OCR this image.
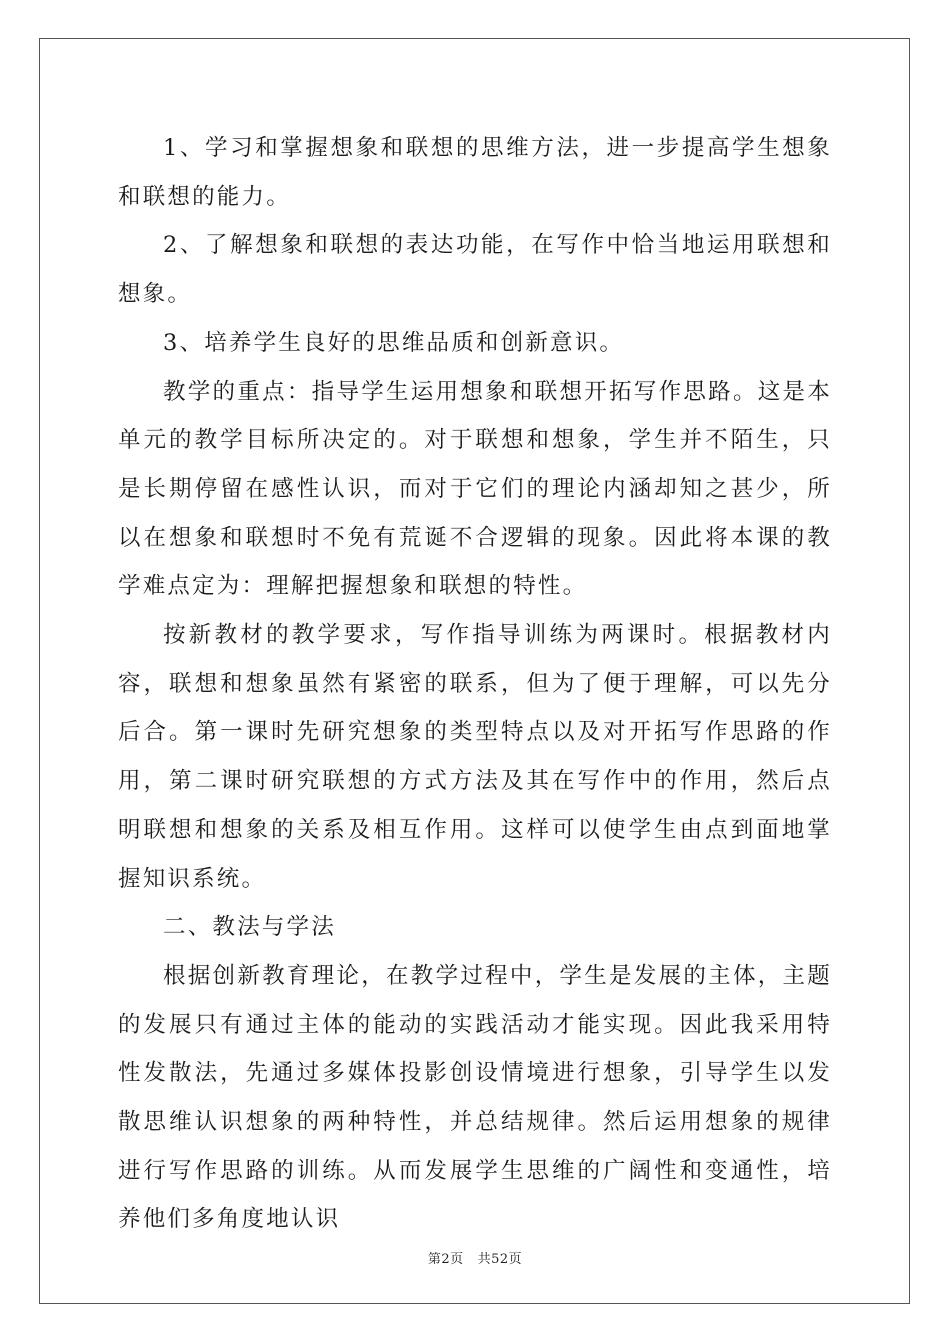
1、学习和掌握想象和联想的思维方法，进一步提高学生想象和联想的能力。

2、了解想象和联想的表达功能，在写作中恰当地运用联想和想象。

3、培养学生良好的思维品质和创新意识。

教学的重点：指导学生运用想象和联想开拓写作思路。这是本单元的教学目标所决定的。对于联想和想象，学生并不陌生，只是长期停留在感性认识，而对于它们的理论内涵却知之甚少，所以在想象和联想时不免有荒诞不合逻辑的现象。因此将本课的教学难点定为：理解把握想象和联想的特性。

按新教材的教学要求，写作指导训练为两课时。根据教材内容，联想和想象虽然有紧密的联系，但为了便于理解，可以先分后合。第一课时先研究想象的类型特点以及对开拓写作思路的作用，第二课时研究联想的方式方法及其在写作中的作用，然后点明联想和想象的关系及相互作用。这样可以使学生由点到面地掌握知识系统。

二、教法与学法

根据创新教育理论，在教学过程中，学生是发展的主体，主题的发展只有通过主体的能动的实践活动才能实现。因此我采用特性发散法，先通过多媒体投影创设情境进行想象，引导学生以发散思维认识想象的两种特性，并总结规律。然后运用想象的规律进行写作思路的训练。从而发展学生思维的广阔性和变通性，培养他们多角度地认识

第2页 共52页
